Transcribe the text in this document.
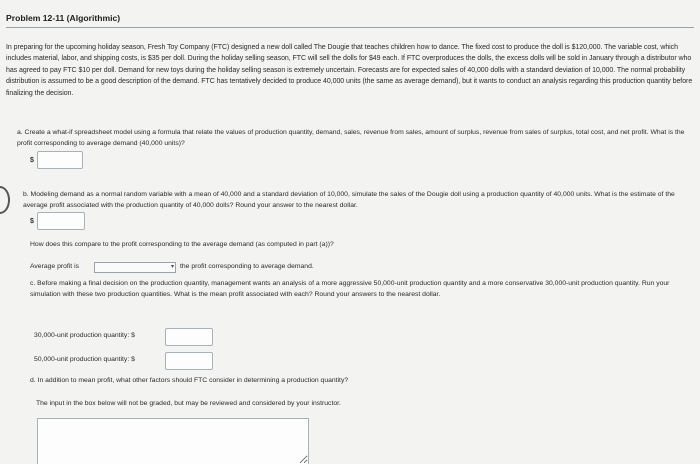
Problem 12-11 (Algorithmic)
In preparing for the upcoming holiday season, Fresh Toy Company (FTC) designed a new doll called The Dougie that teaches children how to dance. The fixed cost to produce the doll is $120,000. The variable cost, which includes material, labor, and shipping costs, is $35 per doll. During the holiday selling season, FTC will sell the dolls for $49 each. If FTC overproduces the dolls, the excess dolls will be sold in January through a distributor who has agreed to pay FTC $10 per doll. Demand for new toys during the holiday selling season is extremely uncertain. Forecasts are for expected sales of 40,000 dolls with a standard deviation of 10,000. The normal probability distribution is assumed to be a good description of the demand. FTC has tentatively decided to produce 40,000 units (the same as average demand), but it wants to conduct an analysis regarding this production quantity before finalizing the decision.
a. Create a what-if spreadsheet model using a formula that relate the values of production quantity, demand, sales, revenue from sales, amount of surplus, revenue from sales of surplus, total cost, and net profit. What is the profit corresponding to average demand (40,000 units)?
$
b. Modeling demand as a normal random variable with a mean of 40,000 and a standard deviation of 10,000, simulate the sales of the Dougie doll using a production quantity of 40,000 units. What is the estimate of the average profit associated with the production quantity of 40,000 dolls? Round your answer to the nearest dollar.
$
How does this compare to the profit corresponding to the average demand (as computed in part (a))?
Average profit is	▾ the profit corresponding to average demand.
c. Before making a final decision on the production quantity, management wants an analysis of a more aggressive 50,000-unit production quantity and a more conservative 30,000-unit production quantity. Run your simulation with these two production quantities. What is the mean profit associated with each? Round your answers to the nearest dollar.
30,000-unit production quantity: $
50,000-unit production quantity: $
d. In addition to mean profit, what other factors should FTC consider in determining a production quantity?
The input in the box below will not be graded, but may be reviewed and considered by your instructor.
